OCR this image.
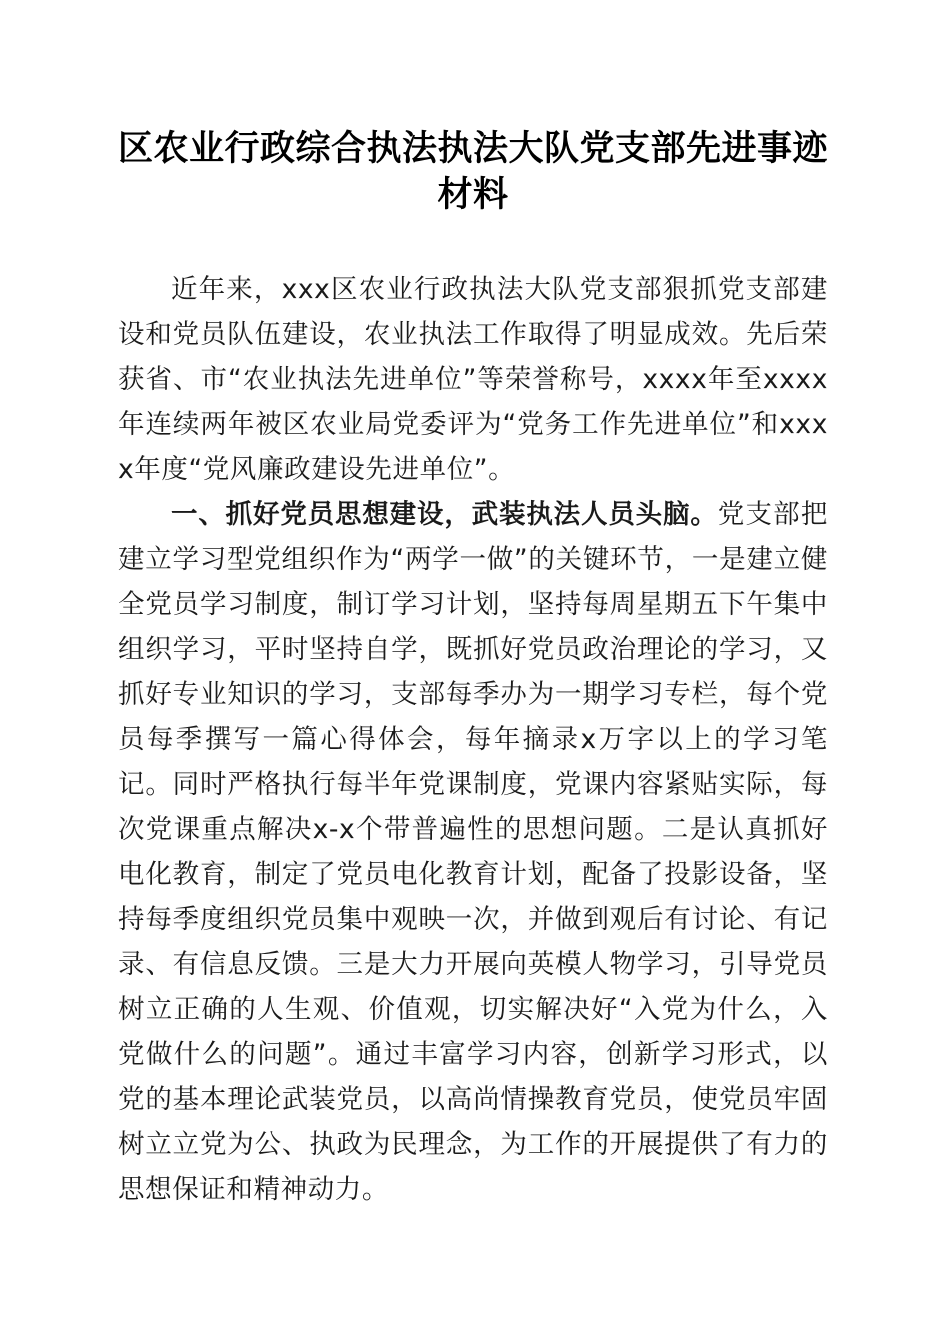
区农业行政综合执法执法大队党支部先进事迹材料

近年来，xxx区农业行政执法大队党支部狠抓党支部建设和党员队伍建设，农业执法工作取得了明显成效。先后荣获省、市“农业执法先进单位”等荣誉称号，xxxx年至xxxx年连续两年被区农业局党委评为“党务工作先进单位”和xxxx年度“党风廉政建设先进单位”。

一、抓好党员思想建设，武装执法人员头脑。党支部把建立学习型党组织作为“两学一做”的关键环节，一是建立健全党员学习制度，制订学习计划，坚持每周星期五下午集中组织学习，平时坚持自学，既抓好党员政治理论的学习，又抓好专业知识的学习，支部每季办为一期学习专栏，每个党员每季撰写一篇心得体会，每年摘录x万字以上的学习笔记。同时严格执行每半年党课制度，党课内容紧贴实际，每次党课重点解决x-x个带普遍性的思想问题。二是认真抓好电化教育，制定了党员电化教育计划，配备了投影设备，坚持每季度组织党员集中观映一次，并做到观后有讨论、有记录、有信息反馈。三是大力开展向英模人物学习，引导党员树立正确的人生观、价值观，切实解决好“入党为什么，入党做什么的问题”。通过丰富学习内容，创新学习形式，以党的基本理论武装党员，以高尚情操教育党员，使党员牢固树立立党为公、执政为民理念，为工作的开展提供了有力的思想保证和精神动力。
